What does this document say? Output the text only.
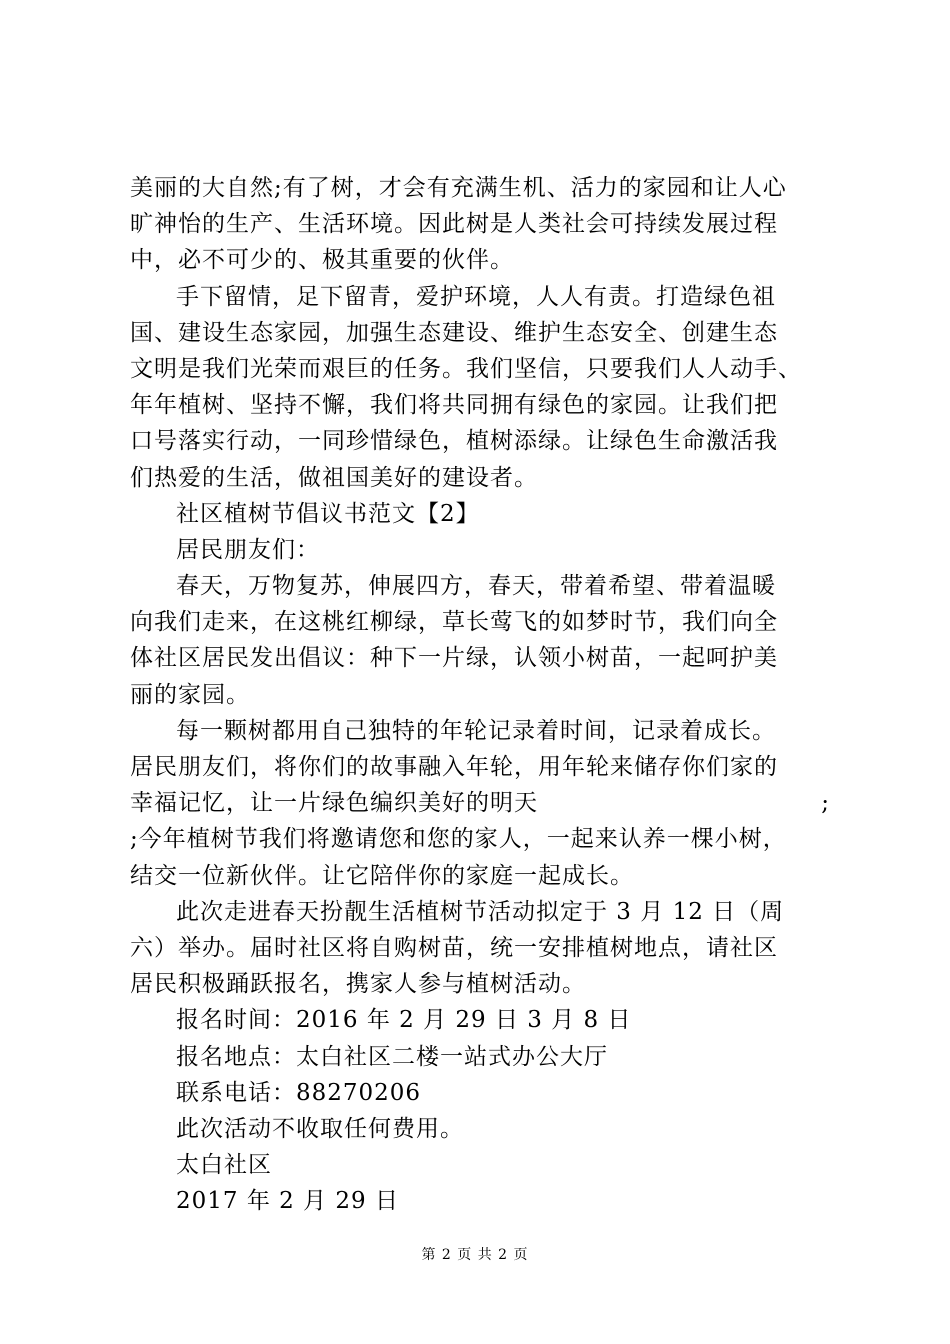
美丽的大自然;有了树，才会有充满生机、活力的家园和让人心
旷神怡的生产、生活环境。因此树是人类社会可持续发展过程
中，必不可少的、极其重要的伙伴。
手下留情，足下留青，爱护环境，人人有责。打造绿色祖
国、建设生态家园，加强生态建设、维护生态安全、创建生态
文明是我们光荣而艰巨的任务。我们坚信，只要我们人人动手、
年年植树、坚持不懈，我们将共同拥有绿色的家园。让我们把
口号落实行动，一同珍惜绿色，植树添绿。让绿色生命激活我
们热爱的生活，做祖国美好的建设者。
社区植树节倡议书范文【2】
居民朋友们：
春天，万物复苏，伸展四方，春天，带着希望、带着温暖
向我们走来，在这桃红柳绿，草长莺飞的如梦时节，我们向全
体社区居民发出倡议：种下一片绿，认领小树苗，一起呵护美
丽的家园。
每一颗树都用自己独特的年轮记录着时间，记录着成长。
居民朋友们，将你们的故事融入年轮，用年轮来储存你们家的
幸福记忆，让一片绿色编织美好的明天	;
;今年植树节我们将邀请您和您的家人，一起来认养一棵小树，
结交一位新伙伴。让它陪伴你的家庭一起成长。
此次走进春天扮靓生活植树节活动拟定于 3 月 12 日（周
六）举办。届时社区将自购树苗，统一安排植树地点，请社区
居民积极踊跃报名，携家人参与植树活动。
报名时间：2016 年 2 月 29 日 3 月 8 日
报名地点：太白社区二楼一站式办公大厅
联系电话：88270206
此次活动不收取任何费用。
太白社区
2017 年 2 月 29 日
第 2 页 共 2 页
